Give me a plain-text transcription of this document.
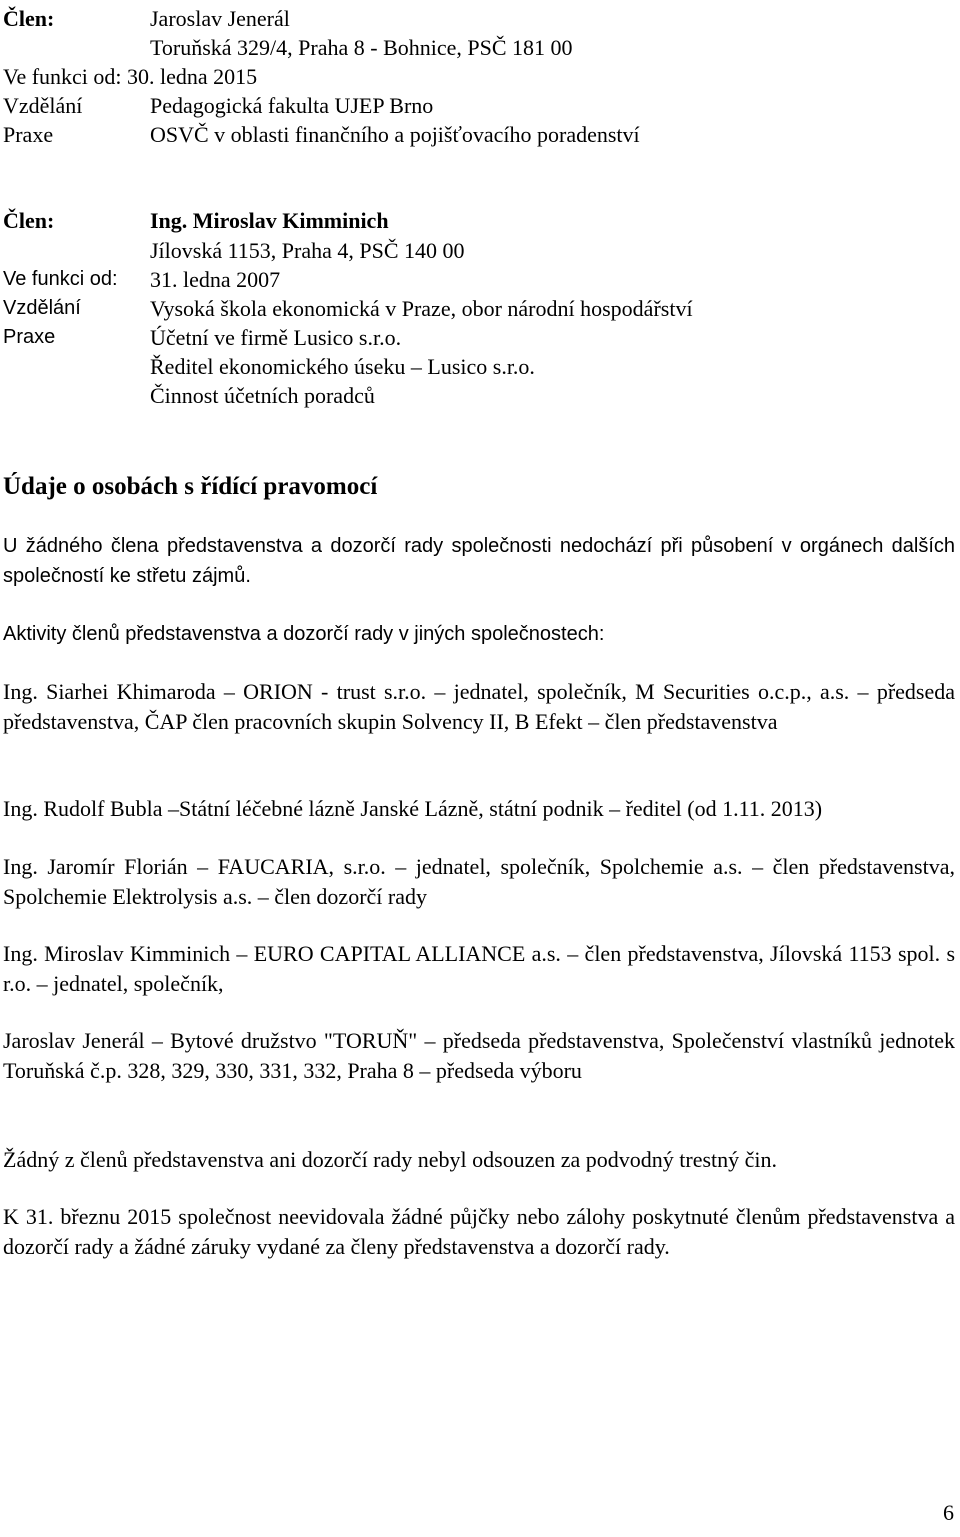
Člen:	Jaroslav Jenerál
Toruňská 329/4, Praha 8 - Bohnice, PSČ 181 00
Ve funkci od: 30. ledna 2015
Vzdělání	Pedagogická fakulta UJEP Brno
Praxe	OSVČ v oblasti finančního a pojišťovacího poradenství
Člen:	Ing. Miroslav Kimminich
Jílovská 1153, Praha 4, PSČ 140 00
Ve funkci od: 31. ledna 2007
Vzdělání	Vysoká škola ekonomická v Praze, obor národní hospodářství
Praxe	Účetní ve firmě Lusico s.r.o.
Ředitel ekonomického úseku – Lusico s.r.o.
Činnost účetních poradců
Údaje o osobách s řídící pravomocí
U žádného člena představenstva a dozorčí rady společnosti nedochází při působení v orgánech dalších společností ke střetu zájmů.
Aktivity členů představenstva a dozorčí rady v jiných společnostech:
Ing. Siarhei Khimaroda – ORION - trust s.r.o. – jednatel, společník, M Securities o.c.p., a.s. – předseda představenstva, ČAP člen pracovních skupin Solvency II, B Efekt – člen představenstva
Ing. Rudolf Bubla –Státní léčebné lázně Janské Lázně, státní podnik – ředitel (od 1.11. 2013)
Ing. Jaromír Florián – FAUCARIA, s.r.o. – jednatel, společník, Spolchemie a.s. – člen představenstva, Spolchemie Elektrolysis a.s. – člen dozorčí rady
Ing. Miroslav Kimminich – EURO CAPITAL ALLIANCE a.s. – člen představenstva, Jílovská 1153 spol. s r.o. – jednatel, společník,
Jaroslav Jenerál – Bytové družstvo "TORUŇ" – předseda představenstva, Společenství vlastníků jednotek Toruňská č.p. 328, 329, 330, 331, 332, Praha 8 – předseda výboru
Žádný z členů představenstva ani dozorčí rady nebyl odsouzen za podvodný trestný čin.
K 31. březnu 2015 společnost neevidovala žádné půjčky nebo zálohy poskytnuté členům představenstva a dozorčí rady a žádné záruky vydané za členy představenstva a dozorčí rady.
6
